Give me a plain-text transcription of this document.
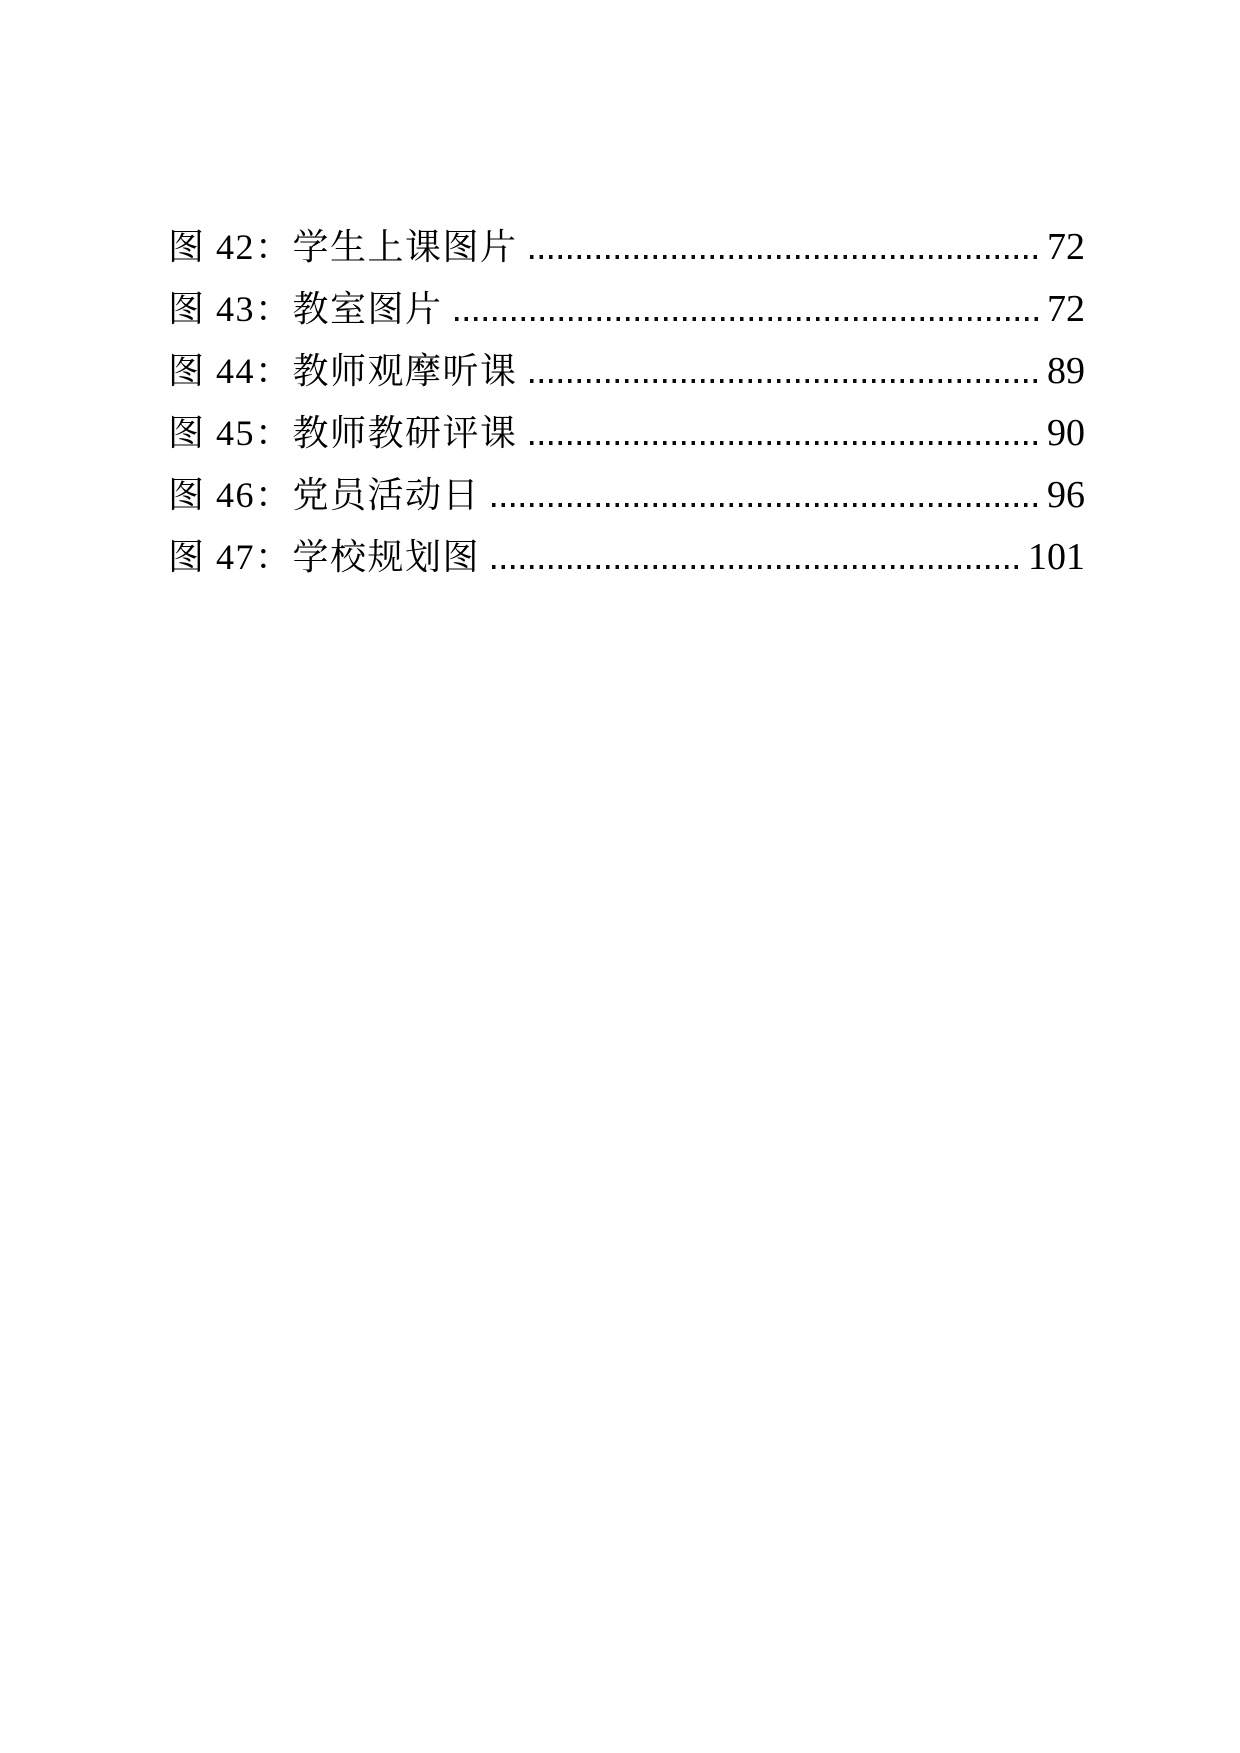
图 42：学生上课图片	72
图 43：教室图片	72
图 44：教师观摩听课	89
图 45：教师教研评课	90
图 46：党员活动日	96
图 47：学校规划图	101
